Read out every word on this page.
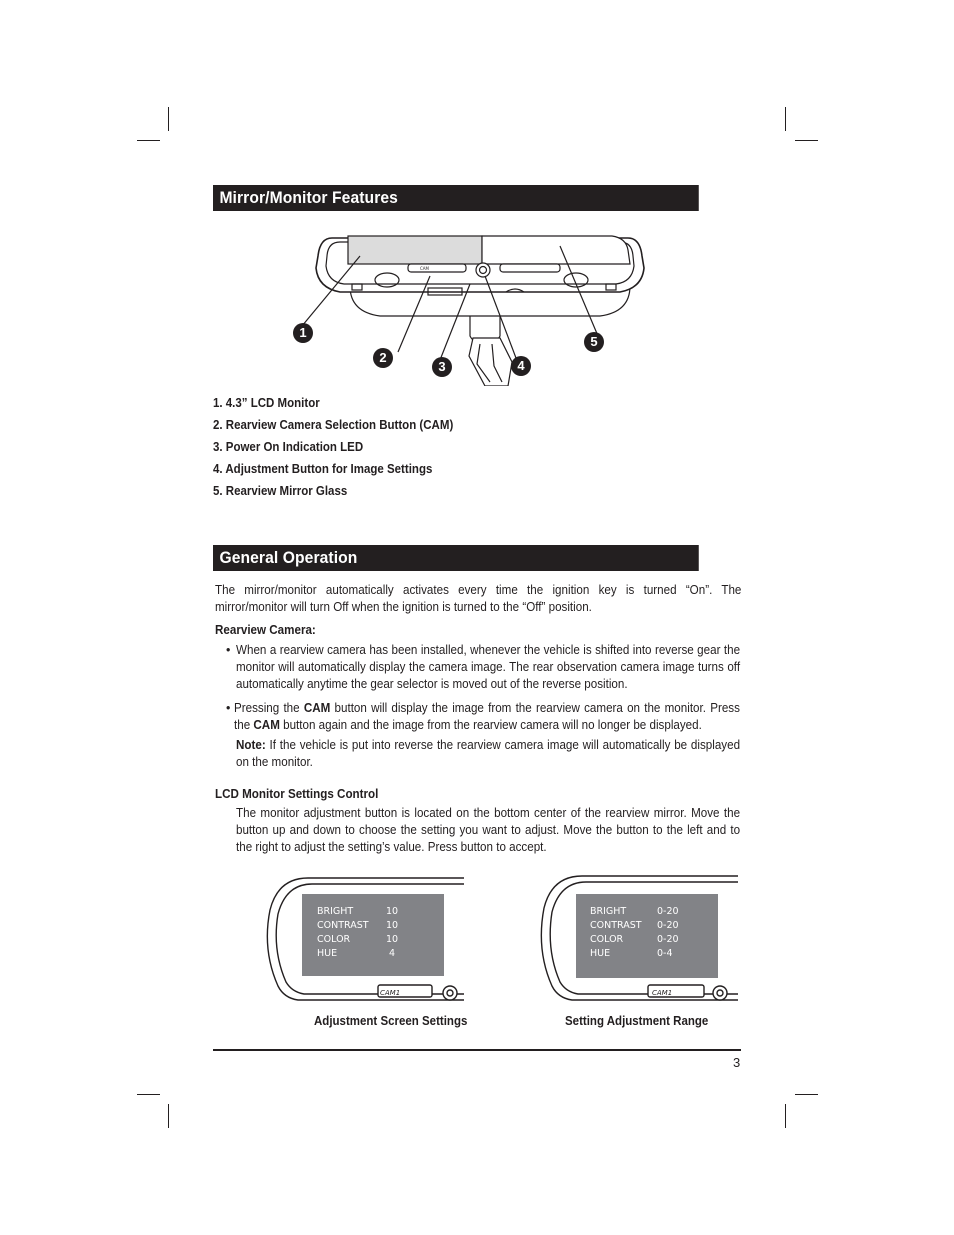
Mirror/Monitor Features
CAM
1
2
3	4
5
1. 4.3” LCD Monitor
2. Rearview Camera Selection Button (CAM)
3. Power On Indication LED
4. Adjustment Button for Image Settings
5. Rearview Mirror Glass
General Operation
The mirror/monitor automatically activates every time the ignition key is turned “On”. The mirror/monitor will turn Off when the ignition is turned to the “Off” position.
Rearview Camera:
• When a rearview camera has been installed, whenever the vehicle is shifted into reverse gear the monitor will automatically display the camera image. The rear observation camera image turns off automatically anytime the gear selector is moved out of the reverse position.
• Pressing the CAM button will display the image from the rearview camera on the monitor. Press the CAM button again and the image from the rearview camera will no longer be displayed.
Note: If the vehicle is put into reverse the rearview camera image will automatically be displayed on the monitor.
LCD Monitor Settings Control
The monitor adjustment button is located on the bottom center of the rearview mirror. Move the button up and down to choose the setting you want to adjust. Move the button to the left and to the right to adjust the setting’s value. Press button to accept.
CAM1
BRIGHT
CONTRAST
COLOR
HUE
10
10
10
4
Adjustment Screen Settings
CAM1
BRIGHT
CONTRAST
COLOR
HUE
0-20
0-20
0-20
0-4
Setting Adjustment Range
3
